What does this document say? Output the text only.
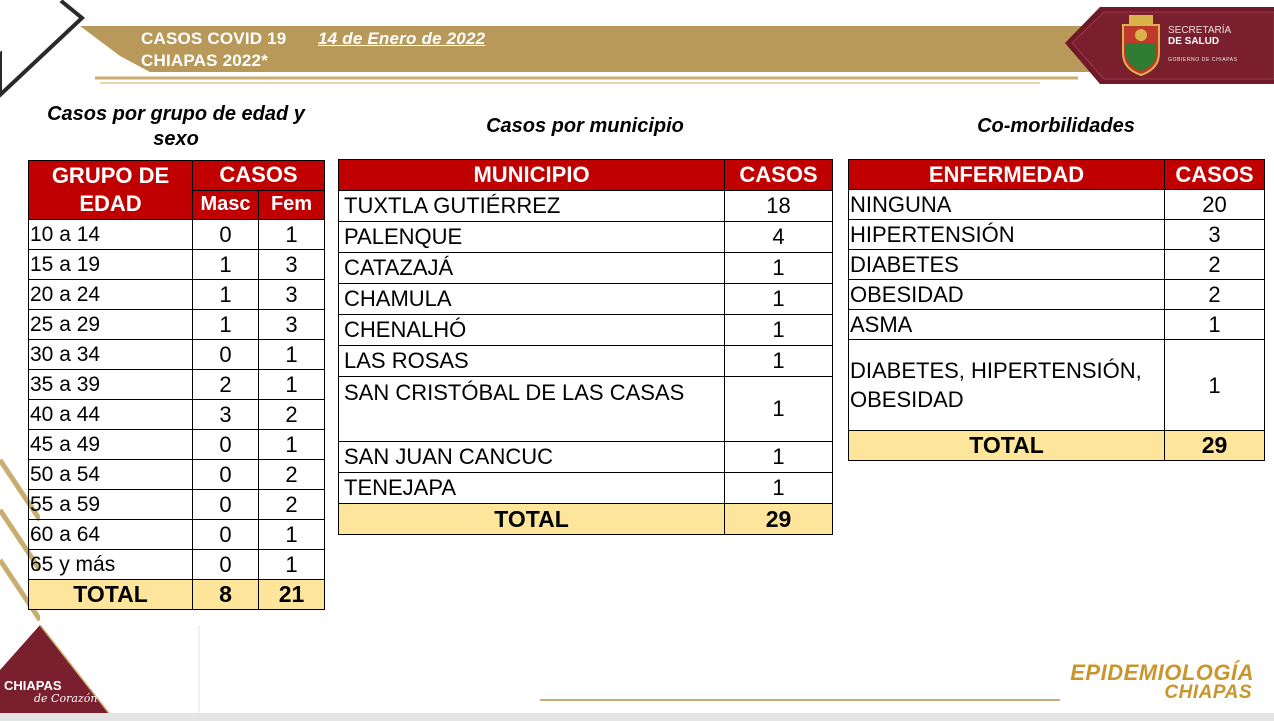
CASOS COVID 19 14 de Enero de 2022
CHIAPAS 2022*
SECRETARÍA
DE SALUD
GOBIERNO DE CHIAPAS
Casos por grupo de edad y sexo
Casos por municipio	Co-morbilidades
GRUPO DE EDAD	CASOS	
	Masc	Fem
10 a 14	0	1
15 a 19	1	3
20 a 24	1	3
25 a 29	1	3
30 a 34	0	1
35 a 39	2	1
40 a 44	3	2
45 a 49	0	1
50 a 54	0	2
55 a 59	0	2
60 a 64	0	1
65 y más	0	1
TOTAL	8	21
MUNICIPIO	CASOS
TUXTLA GUTIÉRREZ	18
PALENQUE	4
CATAZAJÁ	1
CHAMULA	1
CHENALHÓ	1
LAS ROSAS	1
SAN CRISTÓBAL DE LAS CASAS	1
SAN JUAN CANCUC	1
TENEJAPA	1
TOTAL	29
ENFERMEDAD	CASOS
NINGUNA	20
HIPERTENSIÓN	3
DIABETES	2
OBESIDAD	2
ASMA	1
DIABETES, HIPERTENSIÓN, OBESIDAD	1
TOTAL	29
CHIAPAS
de Corazón
EPIDEMIOLOGÍA
CHIAPAS
